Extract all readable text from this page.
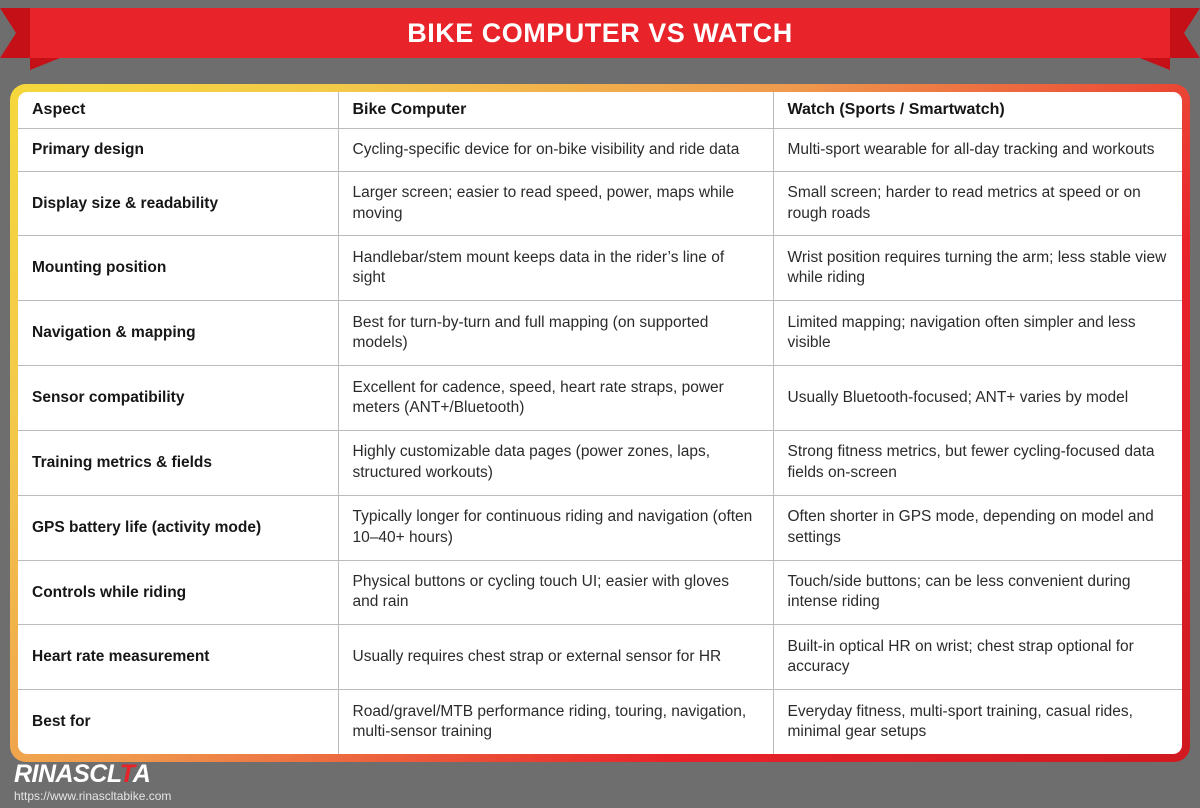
BIKE COMPUTER VS WATCH
Aspect	Bike Computer	Watch (Sports / Smartwatch)
Primary design	Cycling-specific device for on-bike visibility and ride data	Multi-sport wearable for all-day tracking and workouts
Display size & readability	Larger screen; easier to read speed, power, maps while moving	Small screen; harder to read metrics at speed or on rough roads
Mounting position	Handlebar/stem mount keeps data in the rider’s line of sight	Wrist position requires turning the arm; less stable view while riding
Navigation & mapping	Best for turn-by-turn and full mapping (on supported models)	Limited mapping; navigation often simpler and less visible
Sensor compatibility	Excellent for cadence, speed, heart rate straps, power meters (ANT+/Bluetooth)	Usually Bluetooth-focused; ANT+ varies by model
Training metrics & fields	Highly customizable data pages (power zones, laps, structured workouts)	Strong fitness metrics, but fewer cycling-focused data fields on-screen
GPS battery life (activity mode)	Typically longer for continuous riding and navigation (often 10–40+ hours)	Often shorter in GPS mode, depending on model and settings
Controls while riding	Physical buttons or cycling touch UI; easier with gloves and rain	Touch/side buttons; can be less convenient during intense riding
Heart rate measurement	Usually requires chest strap or external sensor for HR	Built-in optical HR on wrist; chest strap optional for accuracy
Best for	Road/gravel/MTB performance riding, touring, navigation, multi-sensor training	Everyday fitness, multi-sport training, casual rides, minimal gear setups
RINASCLTA
https://www.rinascltabike.com
